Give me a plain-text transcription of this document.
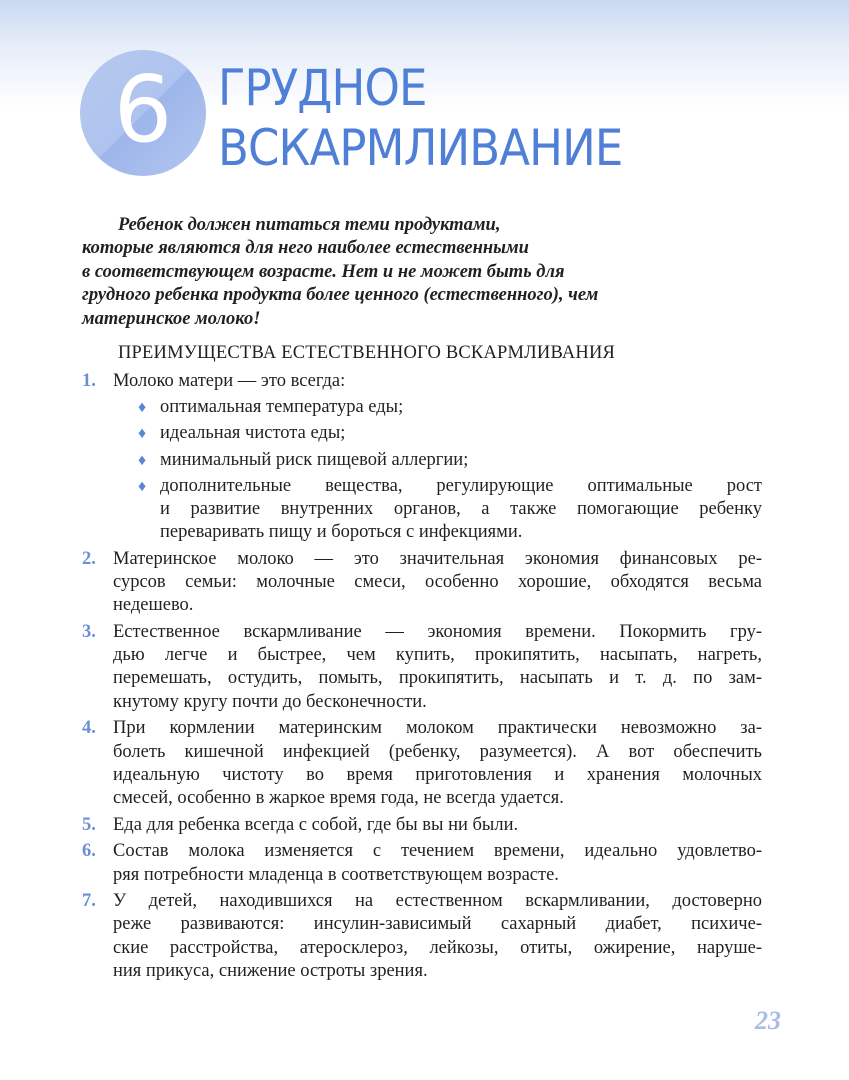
6 ГРУДНОЕ
ВСКАРМЛИВАНИЕ
Ребенок должен питаться теми продуктами,
которые являются для него наиболее естественными
в соответствующем возрасте. Нет и не может быть для
грудного ребенка продукта более ценного (естественного), чем
материнское молоко!
ПРЕИМУЩЕСТВА ЕСТЕСТВЕННОГО ВСКАРМЛИВАНИЯ
1. Молоко матери — это всегда:
♦ оптимальная температура еды;
♦ идеальная чистота еды;
♦ минимальный риск пищевой аллергии;
♦ дополнительные вещества, регулирующие оптимальные рост
и развитие внутренних органов, а также помогающие ребенку
переваривать пищу и бороться с инфекциями.
2. Материнское молоко — это значительная экономия финансовых ре-
сурсов семьи: молочные смеси, особенно хорошие, обходятся весьма
недешево.
3. Естественное вскармливание — экономия времени. Покормить гру-
дью легче и быстрее, чем купить, прокипятить, насыпать, нагреть,
перемешать, остудить, помыть, прокипятить, насыпать и т. д. по зам-
кнутому кругу почти до бесконечности.
4. При кормлении материнским молоком практически невозможно за-
болеть кишечной инфекцией (ребенку, разумеется). А вот обеспечить
идеальную чистоту во время приготовления и хранения молочных
смесей, особенно в жаркое время года, не всегда удается.
5. Еда для ребенка всегда с собой, где бы вы ни были.
6. Состав молока изменяется с течением времени, идеально удовлетво-
ряя потребности младенца в соответствующем возрасте.
7. У детей, находившихся на естественном вскармливании, достоверно
реже развиваются: инсулин-зависимый сахарный диабет, психиче-
ские расстройства, атеросклероз, лейкозы, отиты, ожирение, наруше-
ния прикуса, снижение остроты зрения.
23
